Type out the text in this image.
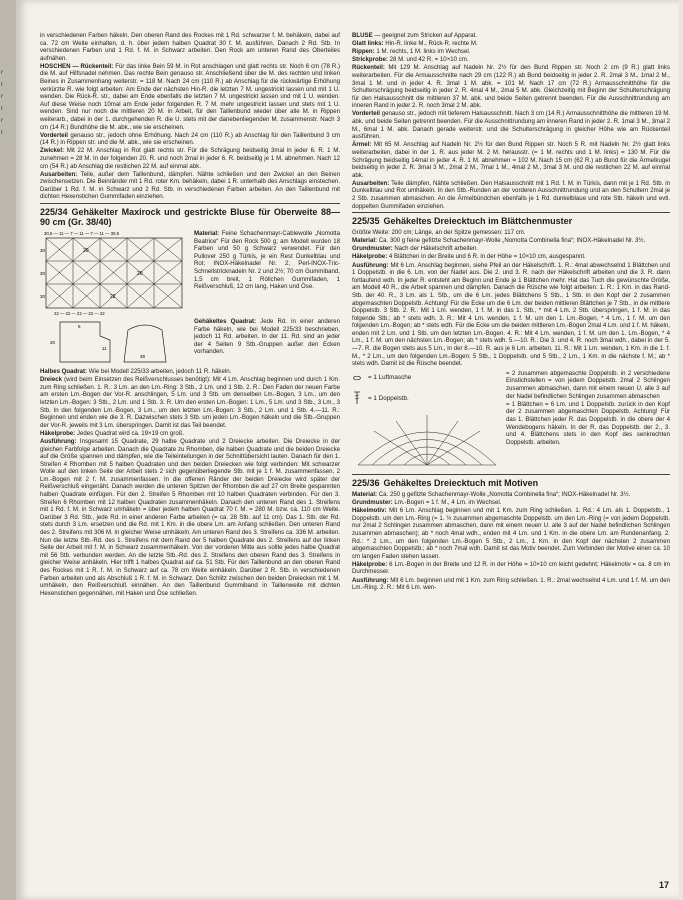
r

r

r

r

r

r

in verschiedenen Farben häkeln. Den oberen Rand des Rockes mit 1 Rd. schwarzer f. M. behäkeln, dabei auf ca. 72 cm Weite einhalten, d. h. über jedem halben Quadrat 30 f. M. ausführen. Danach 2 Rd. Stb. In verschiedenen Farben und 1 Rd. f. M. in Schwarz arbeiten. Den Rock am unteren Rand des Oberteiles aufnähen.

HOSCHEN — Rückenteil: Für das linke Bein 59 M. in Rot anschlagen und glatt rechts str. Noch 6 cm (78 R.) die M. auf Hilfsnadel nehmen. Das rechte Bein genauso str. Anschließend über die M. des rechten und linken Beines in Zusammenhang weiterstr. = 118 M. Nach 24 cm (110 R.) ab Anschlag für die rückwärtige Erhöhung verkürzte R. wie folgt arbeiten: Am Ende der nächsten Hin-R. die letzten 7 M. ungestrickt lassen und mit 1 U. wenden. Die Rück-R. str., dabei am Ende ebenfalls die letzten 7 M. ungestrickt lassen und mit 1 U. wenden. Auf diese Weise noch 10mal am Ende jeder folgenden R. 7 M. mehr ungestrickt lassen und stets mit 1 U. wenden. Sind nur noch die mittleren 20 M. in Arbeit, für den Taillenbund wieder über alle M. in Rippen weiterarb., dabei in der 1. durchgehenden R. die U. stets mit der danebenliegenden M. zusammenstr. Nach 3 cm (14 R.) Bundhöhe die M. abk., wie sie erscheinen.

Vorderteil genauso str., jedoch ohne Erhöhung. Nach 24 cm (110 R.) ab Anschlag für den Taillenbund 3 cm (14 R.) in Rippen str. und die M. abk., wie sie erscheinen.

Zwickel: Mit 22 M. Anschlag in Rot glatt rechts str. Für die Schrägung beidseitig 3mal in jeder 6. R. 1 M. zunehmen = 28 M. In der folgenden 20. R. und noch 2mal in jeder 6. R. beidseitig je 1 M. abnehmen. Nach 12 cm (54 R.) ab Anschlag die restlichen 22 M. auf einmal abk.

Ausarbeiten: Teile, außer dem Taillenbund, dämpfen. Nähte schließen und den Zwickel an den Beinen zwischensetzen. Die Beinränder mit 1 Rd. roter Km. behäkeln, dabei 1 R. unterhalb des Anschlags einstechen. Darüber 1 Rd. f. M. in Schwarz und 2 Rd. Stb. in verschiedenen Farben arbeiten. An den Taillenbund mit dichten Hexenstichen Gummifaden einziehen.

225/34 Gehäkelter Maxirock und gestrickte Bluse für Oberweite 88—90 cm (Gr. 38/40)
30,5 — 11 — 7 — 11 — 7 — 11 — 30,5
20
20
22
30
30
30
22 — 22 — 22 — 22 — 22
Material: Feine Schachenmayr-Cablewolle „Nomotta Beatrice“ Für den Rock 500 g; am Modell wurden 18 Farben und 50 g Schwarz verwendet. Für den Pullover 250 g Türkis, je ein Rest Dunkelblau und Rot; INOX-Häkelnadel Nr. 2; Perl-INOX-Tric-Schnellstricknadeln Nr. 2 und 2½; 70 cm Gummiband, 1,5 cm breit, 1 Röllchen Gummifaden, 1 Reißverschluß, 12 cm lang, Haken und Öse.
6
11
20
38
Gehäkeltes Quadrat: Jede Rd. in einer anderen Farbe häkeln, wie bei Modell 225/33 beschrieben, jedoch 11 Rd. arbeiten. In der 11. Rd. sind an jeder der 4 Seiten 9 Stb.-Gruppen außer den Ecken vorhanden.

Halbes Quadrat: Wie bei Modell 225/33 arbeiten, jedoch 11 R. häkeln.

Dreieck (wird beim Einsetzen des Reißverschlusses benötigt): Mit 4 Lm. Anschlag beginnen und durch 1 Km. zum Ring schließen. 1. R.: 3 Lm. an den Lm.-Ring: 3 Stb., 2 Lm. und 1 Stb. 2. R.: Den Faden der neuen Farbe am ersten Lm.-Bogen der Vor-R. anschlingen, 5 Lm. und 3 Stb. um denselben Lm.-Bogen, 3 Lm., um den letzten Lm.-Bogen: 3 Stb., 2 Lm. und 1 Stb. 3. R. Um den ersten Lm.-Bogen: 1 Lm., 5 Lm. und 3 Stb., 3 Lm., 3 Stb. In den folgenden Lm.-Bogen, 3 Lm., um den letzten Lm.-Bogen: 3 Stb., 2 Lm. und 1 Stb. 4.—11. R.: Beginnen und enden wie die 3. R. Dazwischen stets 3 Stb. um jeden Lm.-Bogen häkeln und die Stb.-Gruppen der Vor-R. jeweils mit 3 Lm. überspringen. Damit ist das Teil beendet.

Häkelprobe: Jedes Quadrat wird ca. 19×19 cm groß.

Ausführung: Insgesamt 15 Quadrate, 29 halbe Quadrate und 2 Dreiecke arbeiten. Die Dreiecke in der gleichen Farbfolge arbeiten. Danach die Quadrate zu Rhomben, die halben Quadrate und die beiden Dreiecke auf die Größe spannen und dämpfen, wie die Teileinteilungen in der Schnittübersicht lauten. Danach für den 1. Streifen 4 Rhomben mit 5 halben Quadraten und den beiden Dreiecken wie folgt verbinden: Mit schwarzer Wolle auf den linken Seite der Arbeit stets 2 sich gegenüberliegende Stb. mit je 1 f. M. zusammenfassen, 2 Lm.-Bogen mit 2 f. M. zusammenfassen. In die offenen Ränder der beiden Dreiecke wird später der Reißverschluß eingenäht. Danach werden die unteren Spitzen der Rhomben die auf 27 cm Breite gespannten halben Quadrate einfügen. Für den 2. Streifen 5 Rhomben mit 10 halben Quadraten verbinden. Für den 3. Streifen 6 Rhomben mit 12 halben Quadraten zusammenhäkeln. Danach den unteren Rand des 1. Streifens mit 1 Rd. f. M. in Schwarz umhäkeln = über jedem halben Quadrat 70 f. M. = 280 M. bzw. ca. 110 cm Weite. Darüber 3 Rd. Stb., jede Rd. in einer anderen Farbe arbeiten (= ca. 28 Stb. auf 11 cm). Das 1. Stb. der Rd. stets durch 3 Lm. ersetzen und die Rd. mit 1 Km. in die obere Lm. am Anfang schließen. Den unteren Rand des 2. Streifens mit 306 M. in gleicher Weise umhäkeln. Am unteren Rand des 3. Streifens ca. 336 M. arbeiten. Nun die letzte Stb.-Rd. des 1. Streifens mit dem Rand der 5 halben Quadrate des 2. Streifens auf der linken Seite der Arbeit mit f. M. in Schwarz zusammenhäkeln. Von der vorderen Mitte aus sollte jedes halbe Quadrat mit 56 Stb. verbunden werden. An die letzte Stb.-Rd. des 2. Streifens den oberen Rand des 3. Streifens in gleicher Weise anhäkeln. Hier trifft 1 halbes Quadrat auf ca. 51 Stb. Für den Taillenbund an den oberen Rand des Rockes mit 1 R. f. M. in Schwarz auf ca. 78 cm Weite einhäkeln. Darüber 2 R. Stb. in verschiedenen Farben arbeiten und als Abschluß 1 R. f. M. in Schwarz. Den Schlitz zwischen den beiden Dreiecken mit 1 M. umhäkeln, den Reißverschluß einnähen. An den Taillenbund Gummiband in Taillenweite mit dichten Hexenstichen gegennähen, mit Haken und Öse schließen.

BLUSE — geeignet zum Stricken auf Apparat.

Glatt links: Hin-R. linke M., Rück-R. rechte M.

Rippen: 1 M. rechts, 1 M. links im Wechsel.

Strickprobe: 28 M. und 42 R. = 10×10 cm.

Rückenteil: Mit 129 M. Anschlag auf Nadeln Nr. 2½ für den Bund Rippen str. Noch 2 cm (9 R.) glatt links weiterarbeiten. Für die Armausschnitte nach 29 cm (122 R.) ab Bund beidseitig in jeder 2. R. 2mal 3 M., 1mal 2 M., 3mal 1 M. und in jeder 4. R. 3mal 1 M. abk. = 101 M. Nach 17 cm (72 R.) Armausschnitthöhe für die Schulterschrägung beidseitig in jeder 2. R. 4mal 4 M., 2mal 5 M. abk. Gleichzeitig mit Beginn der Schulterschrägung für den Halsausschnitt die mittleren 37 M. abk. und beide Seiten getrennt beenden. Für die Ausschnittrundung am inneren Rand in jeder 2. R. noch 3mal 2 M. abk.

Vorderteil genauso str., jedoch mit tieferem Halsausschnitt. Nach 3 cm (14 R.) Armausschnitthöhe die mittleren 19 M. abk. und beide Seiten getrennt beenden. Für die Ausschnittrundung am inneren Rand in jeder 2. R. 1mal 3 M., 3mal 2 M., 6mal 1 M. abk. Danach gerade weiterstr. und die Schulterschrägung in gleicher Höhe wie am Rückenteil ausführen.

Ärmel: Mit 65 M. Anschlag auf Nadeln Nr. 2½ für den Bund Rippen str. Noch 5 R. mit Nadeln Nr. 2½ glatt links weiterarbeiten, dabei in der 1. R. aus jeder M. 2 M. herausstr. (= 1 M. rechts und 1 M. links) = 130 M. Für die Schrägung beidseitig 14mal in jeder 4. R. 1 M. abnehmen = 102 M. Nach 15 cm (62 R.) ab Bund für die Ärmelkugel beidseitig in jeder 2. R. 3mal 3 M., 2mal 2 M., 7mal 1 M., 4mal 2 M., 3mal 3 M. und die restlichen 22 M. auf einmal abk.

Ausarbeiten: Teile dämpfen, Nähte schließen. Den Halsausschnitt mit 1 Rd. f. M. in Türkis, dann mit je 1 Rd. Stb. in Dunkelblau und Rot umhäkeln. In den Stb.-Runden an der vorderen Ausschnittrundung und an den Schultern 2mal je 2 Stb. zusammen abmaschen. An die Ärmelbündchen ebenfalls je 1 Rd. dunkelblaue und rote Stb. häkeln und evtl. doppelten Gummifaden einziehen.

225/35 Gehäkeltes Dreiecktuch im Blättchenmuster

Größte Weite: 200 cm; Länge, an der Spitze gemessen: 117 cm.

Material: Ca. 300 g feine gefilzte Schachenmayr-Wolle „Nomotta Combinella fina“; INOX-Häkelnadel Nr. 3½.

Grundmuster: Nach der Häkelschrift arbeiten.

Häkelprobe: 4 Blättchen in der Breite und 6 R. in der Höhe = 10×10 cm, ausgespannt.

Ausführung: Mit 6 Lm. Anschlag beginnen, siehe Pfeil an der Häkelschrift. 1. R.: 4mal abwechselnd 1 Blättchen und 1 Doppelstb. in die 6. Lm. von der Nadel aus. Die 2. und 3. R. nach der Häkelschrift arbeiten und die 3. R. dann fortlaufend wdh. In jeder R. entsteht am Beginn und Ende je 1 Blättchen mehr. Hat das Tuch die gewünschte Größe, am Modell 40 R., die Arbeit spannen und dämpfen. Danach die Rüsche wie folgt arbeiten: 1. R.: 1 Km. in das Rand-Stb. der 40. R., 3 Lm. als 1. Stb., um die 6 Lm. jedes Blättchens 5 Stb., 1 Stb. in den Kopf der 2 zusammen abgemaschten Doppelstb. Achtung! Für die Ecke um die 6 Lm. der beiden mittleren Blättchen je 7 Stb., in die mittlere Doppelstb. 3 Stb. 2. R.: Mit 1 Lm. wenden, 1 f. M. in das 1. Stb., * mit 4 Lm. 2 Stb. überspringen, 1 f. M. in das folgende Stb.; ab * stets wdh. 3. R.: Mit 4 Lm. wenden, 1 f. M. um den 1. Lm.-Bogen, * 4 Lm., 1 f. M. um den folgenden Lm.-Bogen; ab * stets wdh. Für die Ecke um die beiden mittleren Lm.-Bogen 2mal 4 Lm. und 1 f. M. häkeln, enden mit 2 Lm. und 1 Stb. um den letzten Lm.-Bogen. 4. R.: Mit 4 Lm. wenden, 1 f. M. um den 1. Lm.-Bogen, * 4 Lm., 1 f. M. um den nächsten Lm.-Bogen; ab * stets wdh. 5.—10. R.: Die 3. und 4. R. noch 3mal wdh., dabei in der 5.—7. R. die Bogen stets aus 5 Lm., in der 8.—10. R. aus je 6 Lm. arbeiten. 11. R.: Mit 1 Lm. wenden, 1 Km. in die 1. f. M., * 2 Lm., um den folgenden Lm.-Bogen: 5 Stb., 1 Doppelstb. und 5 Stb., 2 Lm., 1 Km. in die nächste f. M.; ab * stets wdh. Damit ist die Rüsche beendet.

= 1 Luftmasche
= 1 Doppelstb.

= 2 zusammen abgemaschte Doppelstb. in 2 verschiedene Einstichstellen = von jedem Doppelstb. 2mal 2 Schlingen zusammen abmaschen, dann mit einem neuen U. alle 3 auf der Nadel befindlichen Schlingen zusammen abmaschen

= 1 Blättchen = 6 Lm. und 1 Doppelstb. zurück in den Kopf der 2 zusammen abgemaschten Doppelstb. Achtung! Für das 1. Blättchen jeder R. das Doppelstb. in die obere der 4 Wendebogens häkeln. In der R. das Doppelstb. der 2., 3. und 4. Blättchens stets in den Kopf des senkrechten Doppelstb. arbeiten.

225/36 Gehäkeltes Dreiecktuch mit Motiven

Material: Ca. 250 g gefilzte Schachenmayr-Wolle „Nomotta Combinella fina“; INOX-Häkelnadel Nr. 3½.

Grundmuster: Lm.-Bogen = 1 f. M., 4 Lm. im Wechsel.

Häkelmotiv: Mit 6 Lm. Anschlag beginnen und mit 1 Km. zum Ring schließen. 1. Rd.: 4 Lm. als 1. Doppelstb., 1 Doppelstb. um den Lm.-Ring (= 1. ½ zusammen abgemaschte Doppelstb. um den Lm.-Ring (= von jedem Doppelstb. nur 2mal 2 Schlingen zusammen abmaschen, dann mit einem neuen U. alle 3 auf der Nadel befindlichen Schlingen zusammen abmaschen); ab * noch 4mal wdh., enden mit 4 Lm. und 1 Km. in die obere Lm. am Rundenanfang. 2. Rd.: * 2 Lm., um den folgenden Lm.-Bogen 5 Stb., 2 Lm., 1 Km. in den Kopf der nächsten 2 zusammen abgemaschten Doppelstb.; ab * noch 7mal wdh. Damit ist das Motiv beendet. Zum Verbinden der Motive einen ca. 10 cm langen Faden stehen lassen.

Häkelprobe: 6 Lm.-Bogen in der Breite und 12 R. in der Höhe = 10×10 cm leicht gedehnt; Häkelmotiv = ca. 8 cm im Durchmesser.

Ausführung: Mit 6 Lm. beginnen und mit 1 Km. zum Ring schließen. 1. R.: 2mal wechselnd 4 Lm. und 1 f. M. um den Lm.-Ring. 2. R.: Mit 6 Lm. wen-

17
